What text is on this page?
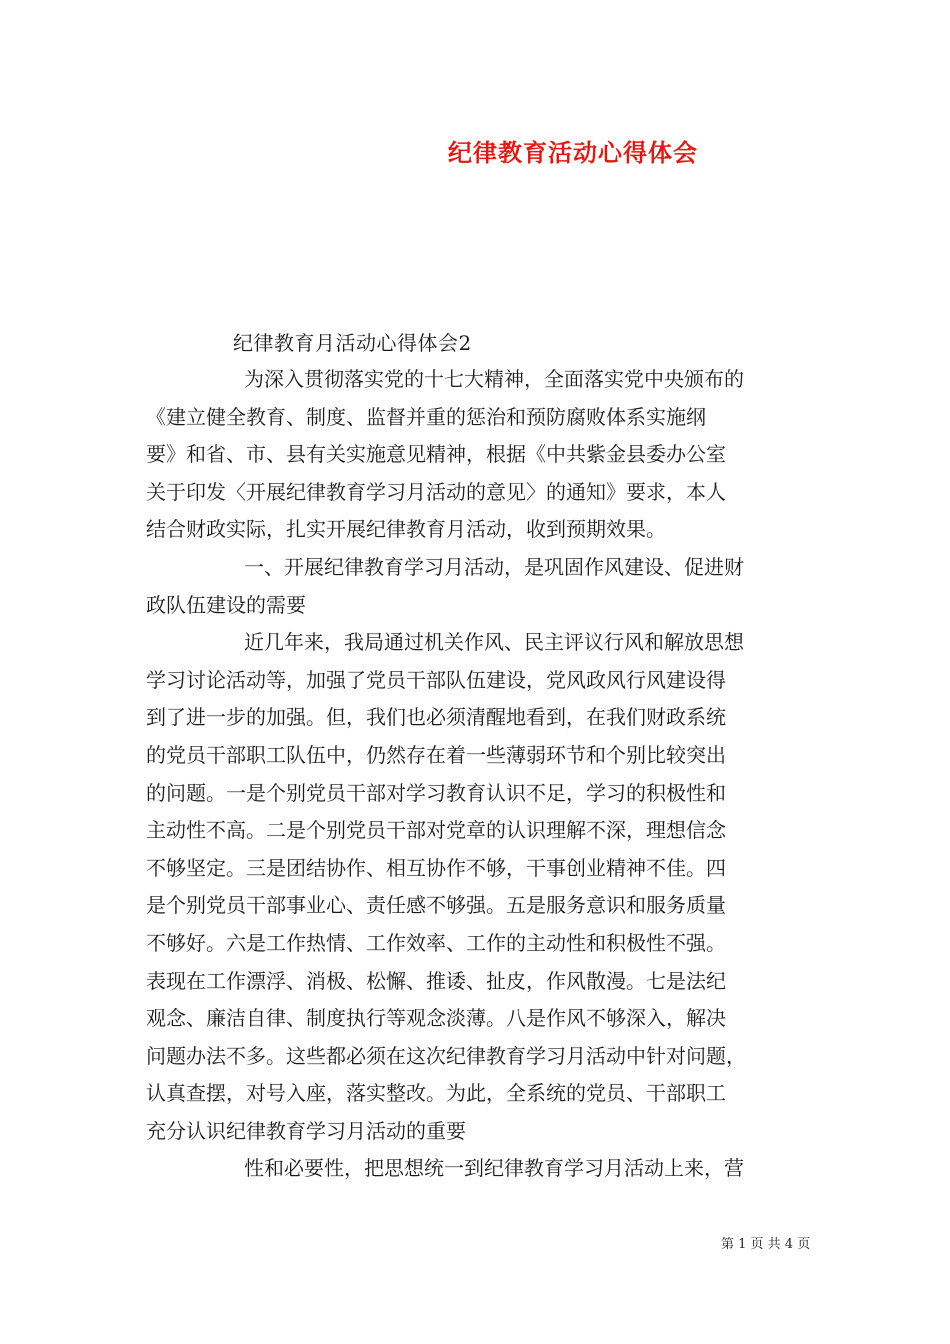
纪律教育活动心得体会
纪律教育月活动心得体会2
为深入贯彻落实党的十七大精神，全面落实党中央颁布的
《建立健全教育、制度、监督并重的惩治和预防腐败体系实施纲
要》和省、市、县有关实施意见精神，根据《中共紫金县委办公室
关于印发〈开展纪律教育学习月活动的意见〉的通知》要求，本人
结合财政实际，扎实开展纪律教育月活动，收到预期效果。
一、开展纪律教育学习月活动，是巩固作风建设、促进财
政队伍建设的需要
近几年来，我局通过机关作风、民主评议行风和解放思想
学习讨论活动等，加强了党员干部队伍建设，党风政风行风建设得
到了进一步的加强。但，我们也必须清醒地看到，在我们财政系统
的党员干部职工队伍中，仍然存在着一些薄弱环节和个别比较突出
的问题。一是个别党员干部对学习教育认识不足，学习的积极性和
主动性不高。二是个别党员干部对党章的认识理解不深，理想信念
不够坚定。三是团结协作、相互协作不够，干事创业精神不佳。四
是个别党员干部事业心、责任感不够强。五是服务意识和服务质量
不够好。六是工作热情、工作效率、工作的主动性和积极性不强。
表现在工作漂浮、消极、松懈、推诿、扯皮，作风散漫。七是法纪
观念、廉洁自律、制度执行等观念淡薄。八是作风不够深入，解决
问题办法不多。这些都必须在这次纪律教育学习月活动中针对问题，
认真查摆，对号入座，落实整改。为此，全系统的党员、干部职工
充分认识纪律教育学习月活动的重要
性和必要性，把思想统一到纪律教育学习月活动上来，营
第 1 页 共 4 页
